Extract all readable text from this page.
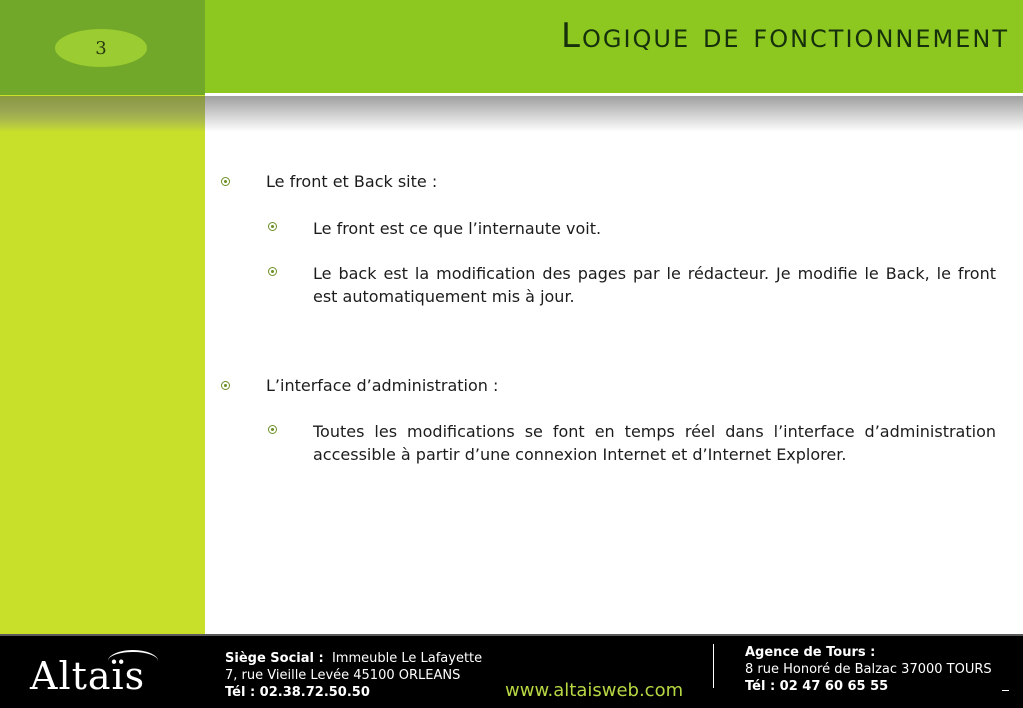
3	Logique de fonctionnement
Le front et Back site :
Le front est ce que l’internaute voit.
Le back est la modification des pages par le rédacteur. Je modifie le Back, le front est automatiquement mis à jour.
L’interface d’administration :
Toutes les modifications se font en temps réel dans l’interface d’administration accessible à partir d’une connexion Internet et d’Internet Explorer.
Altaïs	Siège Social : Immeuble Le Lafayette
7, rue Vieille Levée 45100 ORLEANS
Tél : 02.38.72.50.50	www.altaisweb.com
Agence de Tours :
8 rue Honoré de Balzac 37000 TOURS
Tél : 02 47 60 65 55
